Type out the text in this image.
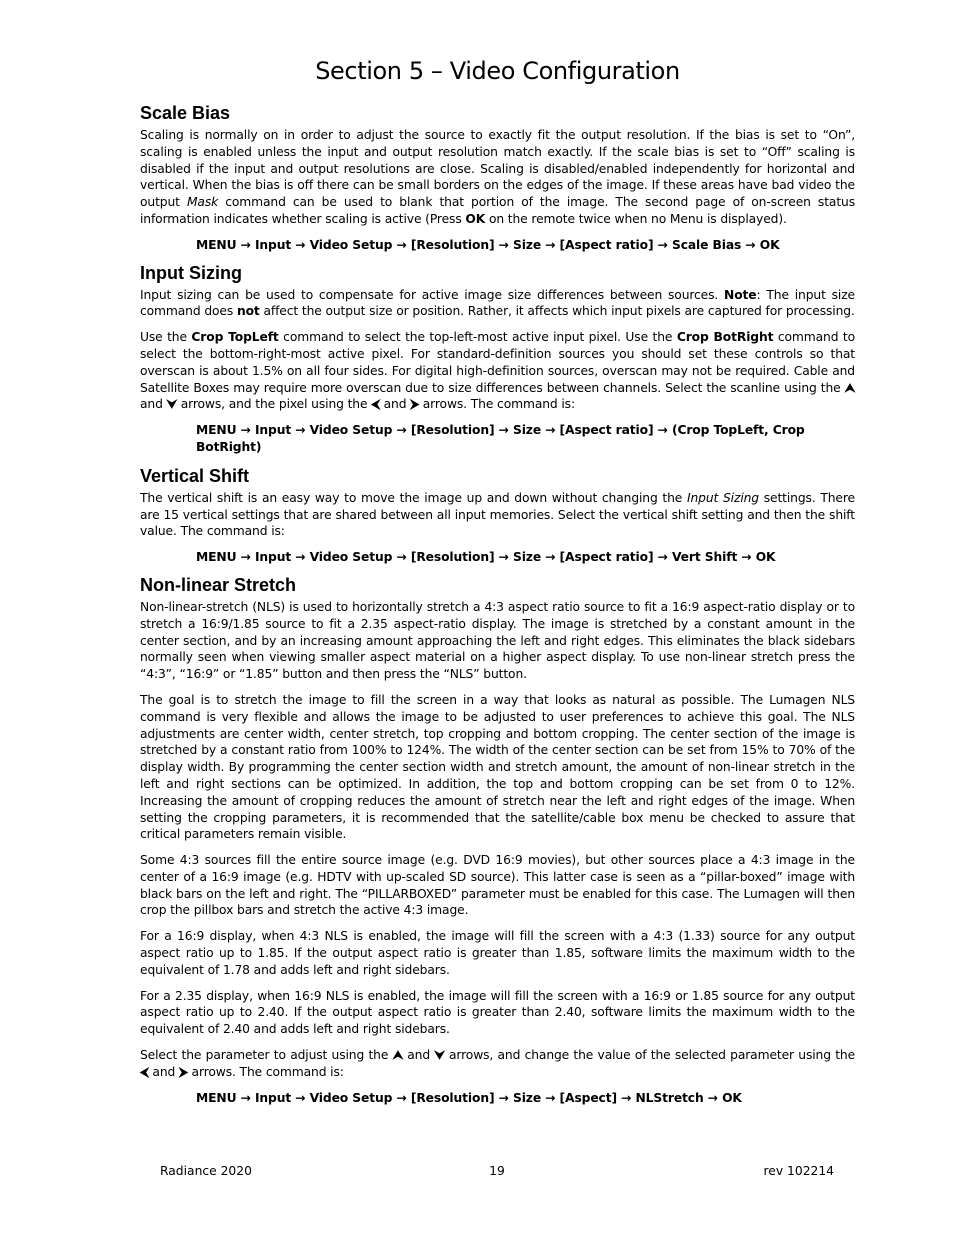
Section 5 – Video Configuration
Scale Bias

Scaling is normally on in order to adjust the source to exactly fit the output resolution. If the bias is set to “On”, scaling is enabled unless the input and output resolution match exactly. If the scale bias is set to “Off” scaling is disabled if the input and output resolutions are close. Scaling is disabled/enabled independently for horizontal and vertical. When the bias is off there can be small borders on the edges of the image. If these areas have bad video the output Mask command can be used to blank that portion of the image. The second page of on-screen status information indicates whether scaling is active (Press OK on the remote twice when no Menu is displayed).

MENU → Input → Video Setup → [Resolution] → Size → [Aspect ratio] → Scale Bias → OK

Input Sizing

Input sizing can be used to compensate for active image size differences between sources. Note: The input size command does not affect the output size or position. Rather, it affects which input pixels are captured for processing.

Use the Crop TopLeft command to select the top-left-most active input pixel. Use the Crop BotRight command to select the bottom-right-most active pixel. For standard-definition sources you should set these controls so that overscan is about 1.5% on all four sides. For digital high-definition sources, overscan may not be required. Cable and Satellite Boxes may require more overscan due to size differences between channels. Select the scanline using the ⮝ and ⮟ arrows, and the pixel using the ⮜ and ⮞ arrows. The command is:

MENU → Input → Video Setup → [Resolution] → Size → [Aspect ratio] → (Crop TopLeft, Crop BotRight)

Vertical Shift

The vertical shift is an easy way to move the image up and down without changing the Input Sizing settings. There are 15 vertical settings that are shared between all input memories. Select the vertical shift setting and then the shift value. The command is:

MENU → Input → Video Setup → [Resolution] → Size → [Aspect ratio] → Vert Shift → OK

Non-linear Stretch

Non-linear-stretch (NLS) is used to horizontally stretch a 4:3 aspect ratio source to fit a 16:9 aspect-ratio display or to stretch a 16:9/1.85 source to fit a 2.35 aspect-ratio display. The image is stretched by a constant amount in the center section, and by an increasing amount approaching the left and right edges. This eliminates the black sidebars normally seen when viewing smaller aspect material on a higher aspect display. To use non-linear stretch press the “4:3”, “16:9” or “1.85” button and then press the “NLS” button.

The goal is to stretch the image to fill the screen in a way that looks as natural as possible. The Lumagen NLS command is very flexible and allows the image to be adjusted to user preferences to achieve this goal. The NLS adjustments are center width, center stretch, top cropping and bottom cropping. The center section of the image is stretched by a constant ratio from 100% to 124%. The width of the center section can be set from 15% to 70% of the display width. By programming the center section width and stretch amount, the amount of non-linear stretch in the left and right sections can be optimized. In addition, the top and bottom cropping can be set from 0 to 12%. Increasing the amount of cropping reduces the amount of stretch near the left and right edges of the image. When setting the cropping parameters, it is recommended that the satellite/cable box menu be checked to assure that critical parameters remain visible.

Some 4:3 sources fill the entire source image (e.g. DVD 16:9 movies), but other sources place a 4:3 image in the center of a 16:9 image (e.g. HDTV with up-scaled SD source). This latter case is seen as a “pillar-boxed” image with black bars on the left and right. The “PILLARBOXED” parameter must be enabled for this case. The Lumagen will then crop the pillbox bars and stretch the active 4:3 image.

For a 16:9 display, when 4:3 NLS is enabled, the image will fill the screen with a 4:3 (1.33) source for any output aspect ratio up to 1.85. If the output aspect ratio is greater than 1.85, software limits the maximum width to the equivalent of 1.78 and adds left and right sidebars.

For a 2.35 display, when 16:9 NLS is enabled, the image will fill the screen with a 16:9 or 1.85 source for any output aspect ratio up to 2.40. If the output aspect ratio is greater than 2.40, software limits the maximum width to the equivalent of 2.40 and adds left and right sidebars.

Select the parameter to adjust using the ⮝ and ⮟ arrows, and change the value of the selected parameter using the ⮜ and ⮞ arrows. The command is:

MENU → Input → Video Setup → [Resolution] → Size → [Aspect] → NLStretch → OK

Radiance 2020	19	rev 102214
